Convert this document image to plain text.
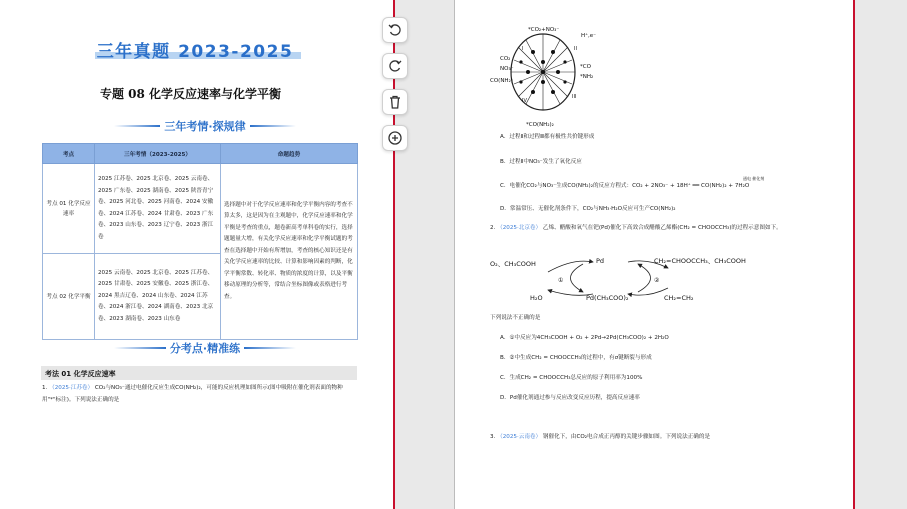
三年真题 2023-2025
专题 08 化学反应速率与化学平衡
三年考情·探规律
考点	三年考情（2023-2025）	命题趋势
考点 01 化学反应速率	2025 江苏卷、2025 北京卷、2025 云南卷、2025 广东卷、2025 湖南卷、2025 陕晋青宁卷、2025 河北卷、2025 河南卷、2024 安徽卷、2024 江苏卷、2024 甘肃卷、2023 广东卷、2023 山东卷、2023 辽宁卷、2023 浙江卷	选择题中对于化学反应速率和化学平衡内容的考查不算太多，这是因为在主观题中，化学反应速率和化学平衡是考查的重点，题卷新高考单科卷的实行，选择题题量大增，有关化学反应速率和化学平衡试题的考查在选择题中开始有所增加，考查的核心知识还是有关化学反应速率的比较、计算和影响因素的判断，化学平衡常数、转化率、物质的浓度的计算，以及平衡移动原理的分析等，常结合坐标图像或表格进行考查。
考点 02 化学平衡	2025 云南卷、2025 北京卷、2025 江苏卷、2025 甘肃卷、2025 安徽卷、2025 浙江卷、2024 黑吉辽卷、2024 山东卷、2024 江苏卷、2024 浙江卷、2024 湖南卷、2023 北京卷、2023 湖南卷、2023 山东卷	
分考点·精准练
考法 01 化学反应速率
1. （2025·江苏卷） CO₂与NO₃⁻通过电催化反应生成CO(NH₂)₂，可能的反应机理如图所示(图中吸附在催化剂表面的物种用"*"标注)。下列说法正确的是
*CO₂+NO₃⁻
H⁺,e⁻
I	II
CO₂
NO₃⁻
CO(NH₂)
*CO
*NH₂
III
IV
*CO(NH₂)₂
A．过程Ⅱ和过程Ⅲ都有极性共价键形成
B．过程Ⅱ中NO₃⁻发生了氧化反应
C．电催化CO₂与NO₃⁻生成CO(NH₂)₂的反应方程式：CO₂ + 2NO₃⁻ + 18H⁺ ══ CO(NH₂)₂ + 7H₂O
通电 催化剂
D．常温常压、无催化剂条件下，CO₂与NH₃·H₂O反应可生产CO(NH₂)₂
2. （2025·北京卷） 乙烯、醋酸和氧气在钯(Pd)催化下高效合成醋酸乙烯酯(CH₂ = CHOOCCH₃)的过程示意图如下。
O₂、CH₃COOH	Pd	CH₂=CHOOCCH₃、CH₃COOH
①	②
H₂O	Pd(CH₃COO)₂	CH₂=CH₂
下列说法不正确的是
A．①中反应为4CH₃COOH + O₂ + 2Pd→2Pd(CH₃COO)₂ + 2H₂O
B．②中生成CH₂ = CHOOCCH₃的过程中，有σ键断裂与形成
C．生成CH₂ = CHOOCCH₃总反应的原子利用率为100%
D．Pd催化剂通过参与反应改变反应历程，提高反应速率
3. （2025·云南卷） 钢催化下，由CO₂电合成正丙醇的关键步骤如图。下列说法正确的是
